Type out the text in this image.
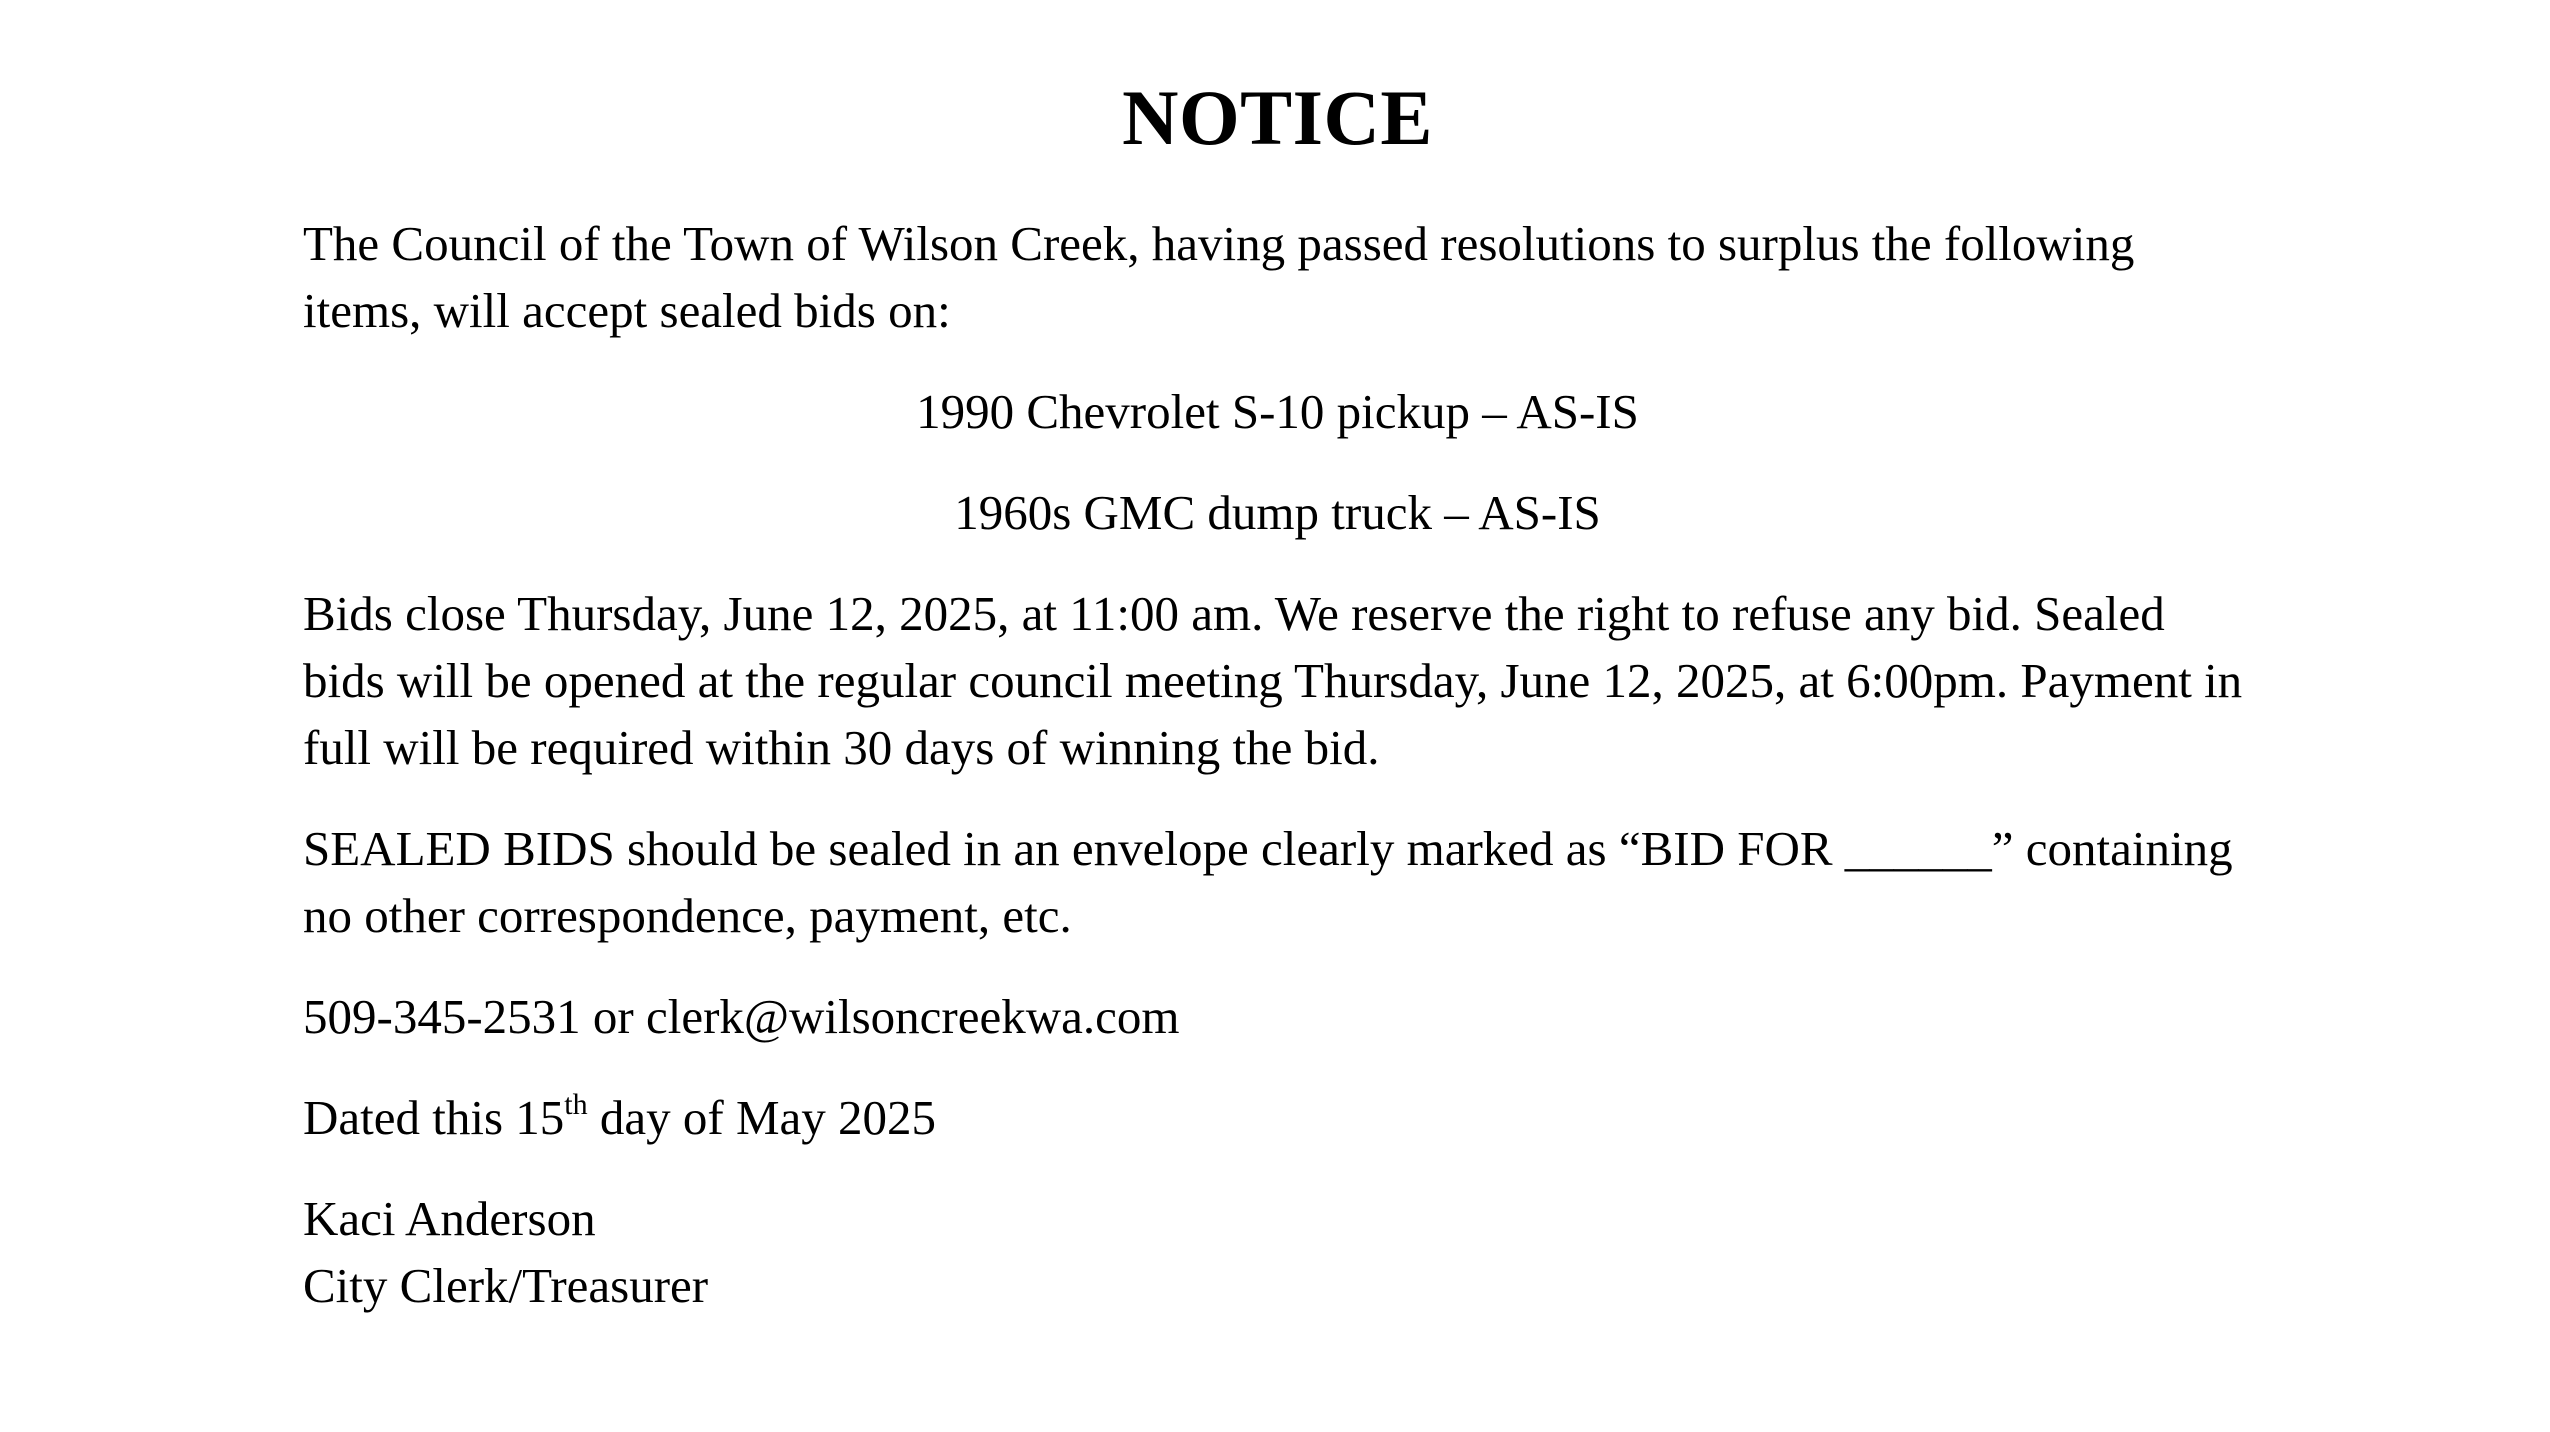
NOTICE

The Council of the Town of Wilson Creek, having passed resolutions to surplus the following items, will accept sealed bids on:

1990 Chevrolet S-10 pickup – AS-IS

1960s GMC dump truck – AS-IS

Bids close Thursday, June 12, 2025, at 11:00 am. We reserve the right to refuse any bid. Sealed bids will be opened at the regular council meeting Thursday, June 12, 2025, at 6:00pm. Payment in full will be required within 30 days of winning the bid.

SEALED BIDS should be sealed in an envelope clearly marked as “BID FOR ______” containing no other correspondence, payment, etc.

509-345-2531 or clerk@wilsoncreekwa.com

Dated this 15th day of May 2025

Kaci Anderson
City Clerk/Treasurer
